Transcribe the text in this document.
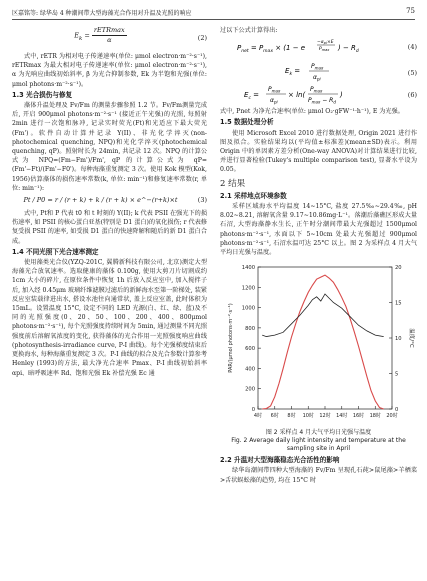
区嘉铭等: 绿华岛 4 种潮间带大型海藻光合作用对升温及光照的响应	75
$E_k = \frac{\text{rETRmax}}{\alpha}$	(2)

式中, rETR 为相对电子传递速率(单位: μmol electron·m⁻²·s⁻¹), rETRmax 为最大相对电子传递速率(单位: μmol electron·m⁻²·s⁻¹), α 为光响应曲线初始斜率, β 为光合抑制参数, Ek 为半饱和光强(单位: μmol photons·m⁻²·s⁻¹)。

1.3 光合损伤与修复

藻体升温处理及 Fv/Fm 的测量步骤参照 1.2 节。Fv/Fm测量完成后, 开启 900μmol photons·m⁻²·s⁻¹ (接近正午光强)的光照, 每照射 2min 进行一次饱和脉冲, 记录实时荧光(Ft)和光适应下最大荧光(Fm')。软件自动计算并记录 Y(II)、非光化学淬灭(non-photochemical quenching, NPQ)和光化学淬灭(photochemical quenching, qP)。照射时长为 24min, 共记录 12 次。NPQ 的计算公式为 NPQ=(Fm−Fm')/Fm', qP 的计算公式为 qP=(Fm'−Ft)/(Fm'−F0')。每种海藻重复测定 3 次。使用 Kok 模型(Kok, 1956)估算藻体的损伤速率常数(k, 单位: min⁻¹)和修复速率常数(r, 单位: min⁻¹):

Pt / P0 = r / (r + k) + k / (r + k) × e^−(r+k)×t	(3)

式中, Pt和 P 代表 t0 和 t 时刻的 Y(II); k 代表 PSII 在强光下的损伤速率, 如 PSII 的核心蛋白亚基(特别是 D1 蛋白)的氧化损伤; r 代表修复受损 PSII 的速率, 如受损 D1 蛋白的快速降解和随后的新 D1 蛋白合成。

1.4 不同光照下光合速率测定

使用藻类光合仪(YZQ-201C, 翼腾新科技有限公司, 北京)测定大型海藻光合放氧速率。选取健康的藻体 0.100g, 使用大剪刀片切割成约 1cm 大小的碎片, 在原位条件中恢复 1h 后放入反应室中, 加入搅拌子后, 加入经 0.45μm 玻璃纤维滤膜过滤后的新鲜海水至第一阶梯处, 装紧反应室装载律进出水, 搭设水池往向通常状, 盖上反应室盖, 此时体积为 15mL。设置温度 15°C, 设定不同的 LED 光源(白、红、绿、蓝)及不同的光照强度(0、20、50、100、200、400、800μmol photons·m⁻²·s⁻¹), 每个光照强度持续时间为 5min, 通过测量不同光照强度前后溶解氧浓度的变化, 获得藻体的光合作用一光照强度响应曲线(photosynthesis-irradiance curve, P-I 曲线)。每个光强梯度结束后更换海水, 每种海藻重复测定 3 次。P-I 曲线的拟合及光合参数计算参考 Henley (1993)的方法, 最大净光合速率 Pmax、P-I 曲线初始斜率 αpi、暗呼吸速率 Rd、饱和光强 Ek 补偿光强 Ec 通

过以下公式计算得出:

$P_{net} = P_{max} \times (1 - e$
$-\alpha_{pi}\times E$
$P_{max}$ ) − $R_d$
(4)
$E_k$ =
$P_{max}$
$\alpha_{pi}$
(5)
$E_c$ =
$P_{max}$
$\alpha_{pi}$
× ln(
$P_{max}$
$P_{max} - R_d$
)	(6)

式中, Pnet 为净光合速率(单位: μmol O₂·gFW⁻¹·h⁻¹), E 为光强。

1.5 数据处理分析

使用 Microsoft Excel 2010 进行数据处理, Origin 2021 进行作图及拟合。实验结果均以(平均值±标准差)(mean±SD)表示。利用 Origin 中的单因素方差分析(One-way ANOVA)对计算结果进行比较, 并进行显著检验(Tukey's multiple comparison test), 显著水平设为 0.05。

2 结果
2.1 采样地点环境参数

采样区域海水平均温度 14~15°C, 盐度 27.5‰~29.4‰, pH 8.02~8.21, 溶解氧含量 9.17~10.86mg·L⁻¹。落潮后藻礁区形成大量石沼, 大型海藻静水生长, 正午时分潮间带最大光强超过 1500μmol photons·m⁻²·s⁻¹, 水面以下 5~10cm 处最大光强超过 900μmol photons·m⁻²·s⁻¹, 石沼水温可达 25°C 以上。图 2 为采样点 4 月大气平均日光强与温度。

0
200
400
600
800
1000
1200
1400
0
5
10
15
20
4时 6时 8时 10时 12时 14时 16时 18时 20时
PAR/(μmol photons·m⁻²·s⁻¹)	温度/°C
图 2 采样点 4 月大气平均日光强与温度
Fig. 2 Average daily light intensity and temperature at the sampling site in April
2.2 升温对大型海藻稳态光合活性的影响

绿华岛潮间带四种大型海藻的 Fv/Fm 呈现孔石莼>鼠尾藻>羊栖菜>舌状蜈蚣藻的趋势, 均在 15°C 时
